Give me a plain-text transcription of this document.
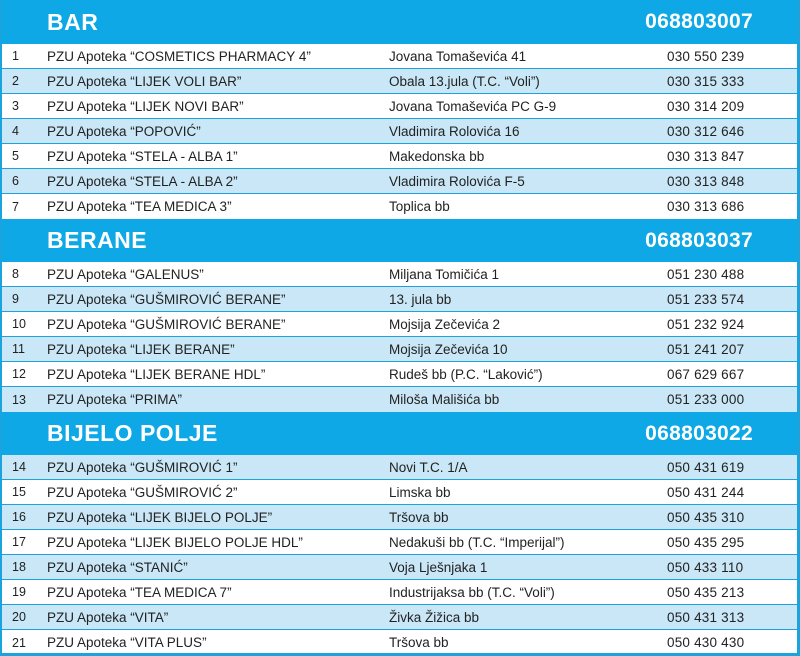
BAR	068803007
1	PZU Apoteka “COSMETICS PHARMACY 4”	Jovana Tomaševića 41	030 550 239
2	PZU Apoteka “LIJEK VOLI BAR”	Obala 13.jula (T.C. “Voli”)	030 315 333
3	PZU Apoteka “LIJEK NOVI BAR”	Jovana Tomaševića PC G-9	030 314 209
4	PZU Apoteka “POPOVIĆ”	Vladimira Rolovića 16	030 312 646
5	PZU Apoteka “STELA - ALBA 1”	Makedonska bb	030 313 847
6	PZU Apoteka “STELA - ALBA 2”	Vladimira Rolovića F-5	030 313 848
7	PZU Apoteka “TEA MEDICA 3”	Toplica bb	030 313 686
BERANE	068803037
8	PZU Apoteka “GALENUS”	Miljana Tomičića 1	051 230 488
9	PZU Apoteka “GUŠMIROVIĆ BERANE”	13. jula bb	051 233 574
10	PZU Apoteka “GUŠMIROVIĆ BERANE”	Mojsija Zečevića 2	051 232 924
11	PZU Apoteka “LIJEK BERANE”	Mojsija Zečevića 10	051 241 207
12	PZU Apoteka “LIJEK BERANE HDL”	Rudeš bb (P.C. “Laković”)	067 629 667
13	PZU Apoteka “PRIMA”	Miloša Mališića bb	051 233 000
BIJELO POLJE	068803022
14	PZU Apoteka “GUŠMIROVIĆ 1”	Novi T.C. 1/A	050 431 619
15	PZU Apoteka “GUŠMIROVIĆ 2”	Limska bb	050 431 244
16	PZU Apoteka “LIJEK BIJELO POLJE”	Tršova bb	050 435 310
17	PZU Apoteka “LIJEK BIJELO POLJE HDL”	Nedakuši bb (T.C. “Imperijal”)	050 435 295
18	PZU Apoteka “STANIĆ”	Voja Lješnjaka 1	050 433 110
19	PZU Apoteka “TEA MEDICA 7”	Industrijaksa bb (T.C. “Voli”)	050 435 213
20	PZU Apoteka “VITA”	Živka Žižica bb	050 431 313
21	PZU Apoteka “VITA PLUS”	Tršova bb	050 430 430
